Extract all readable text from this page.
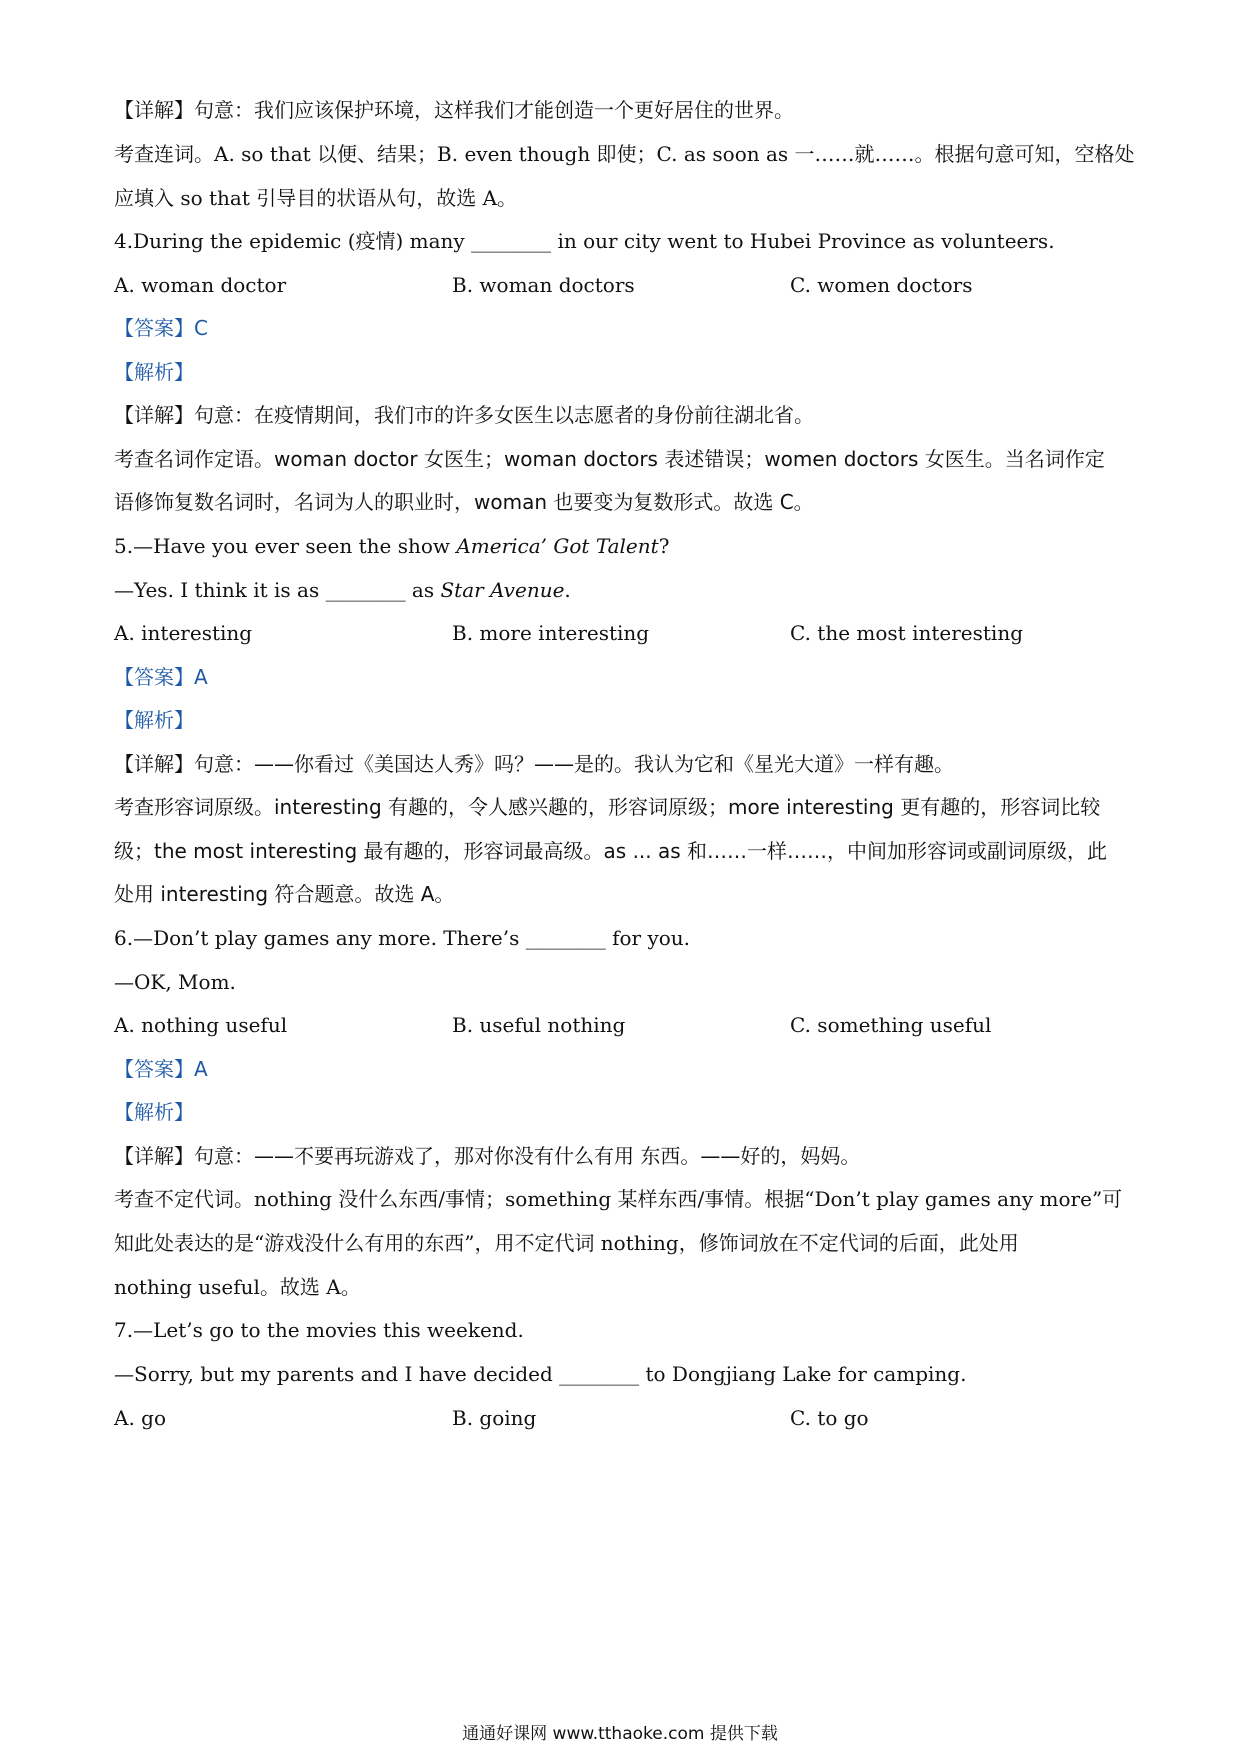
【详解】句意：我们应该保护环境，这样我们才能创造一个更好居住的世界。
考查连词。A. so that 以便、结果；B. even though 即使；C. as soon as 一……就……。根据句意可知，空格处
应填入 so that 引导目的状语从句，故选 A。
4.During the epidemic (疫情) many ________ in our city went to Hubei Province as volunteers.
A. woman doctor	B. woman doctors	C. women doctors
【答案】C
【解析】
【详解】句意：在疫情期间，我们市的许多女医生以志愿者的身份前往湖北省。
考查名词作定语。woman doctor 女医生；woman doctors 表述错误；women doctors 女医生。当名词作定
语修饰复数名词时，名词为人的职业时，woman 也要变为复数形式。故选 C。
5.—Have you ever seen the show America’ Got Talent?
—Yes. I think it is as ________ as Star Avenue.
A. interesting	B. more interesting	C. the most interesting
【答案】A
【解析】
【详解】句意：——你看过《美国达人秀》吗？——是的。我认为它和《星光大道》一样有趣。
考查形容词原级。interesting 有趣的，令人感兴趣的，形容词原级；more interesting 更有趣的，形容词比较
级；the most interesting 最有趣的，形容词最高级。as ... as 和……一样……，中间加形容词或副词原级，此
处用 interesting 符合题意。故选 A。
6.—Don’t play games any more. There’s ________ for you.
—OK, Mom.
A. nothing useful	B. useful nothing	C. something useful
【答案】A
【解析】
【详解】句意：——不要再玩游戏了，那对你没有什么有用 东西。——好的，妈妈。
考查不定代词。nothing 没什么东西/事情；something 某样东西/事情。根据“Don’t play games any more”可
知此处表达的是“游戏没什么有用的东西”，用不定代词 nothing，修饰词放在不定代词的后面，此处用
nothing useful。故选 A。
7.—Let’s go to the movies this weekend.
—Sorry, but my parents and I have decided ________ to Dongjiang Lake for camping.
A. go	B. going	C. to go
通通好课网 www.tthaoke.com 提供下载
